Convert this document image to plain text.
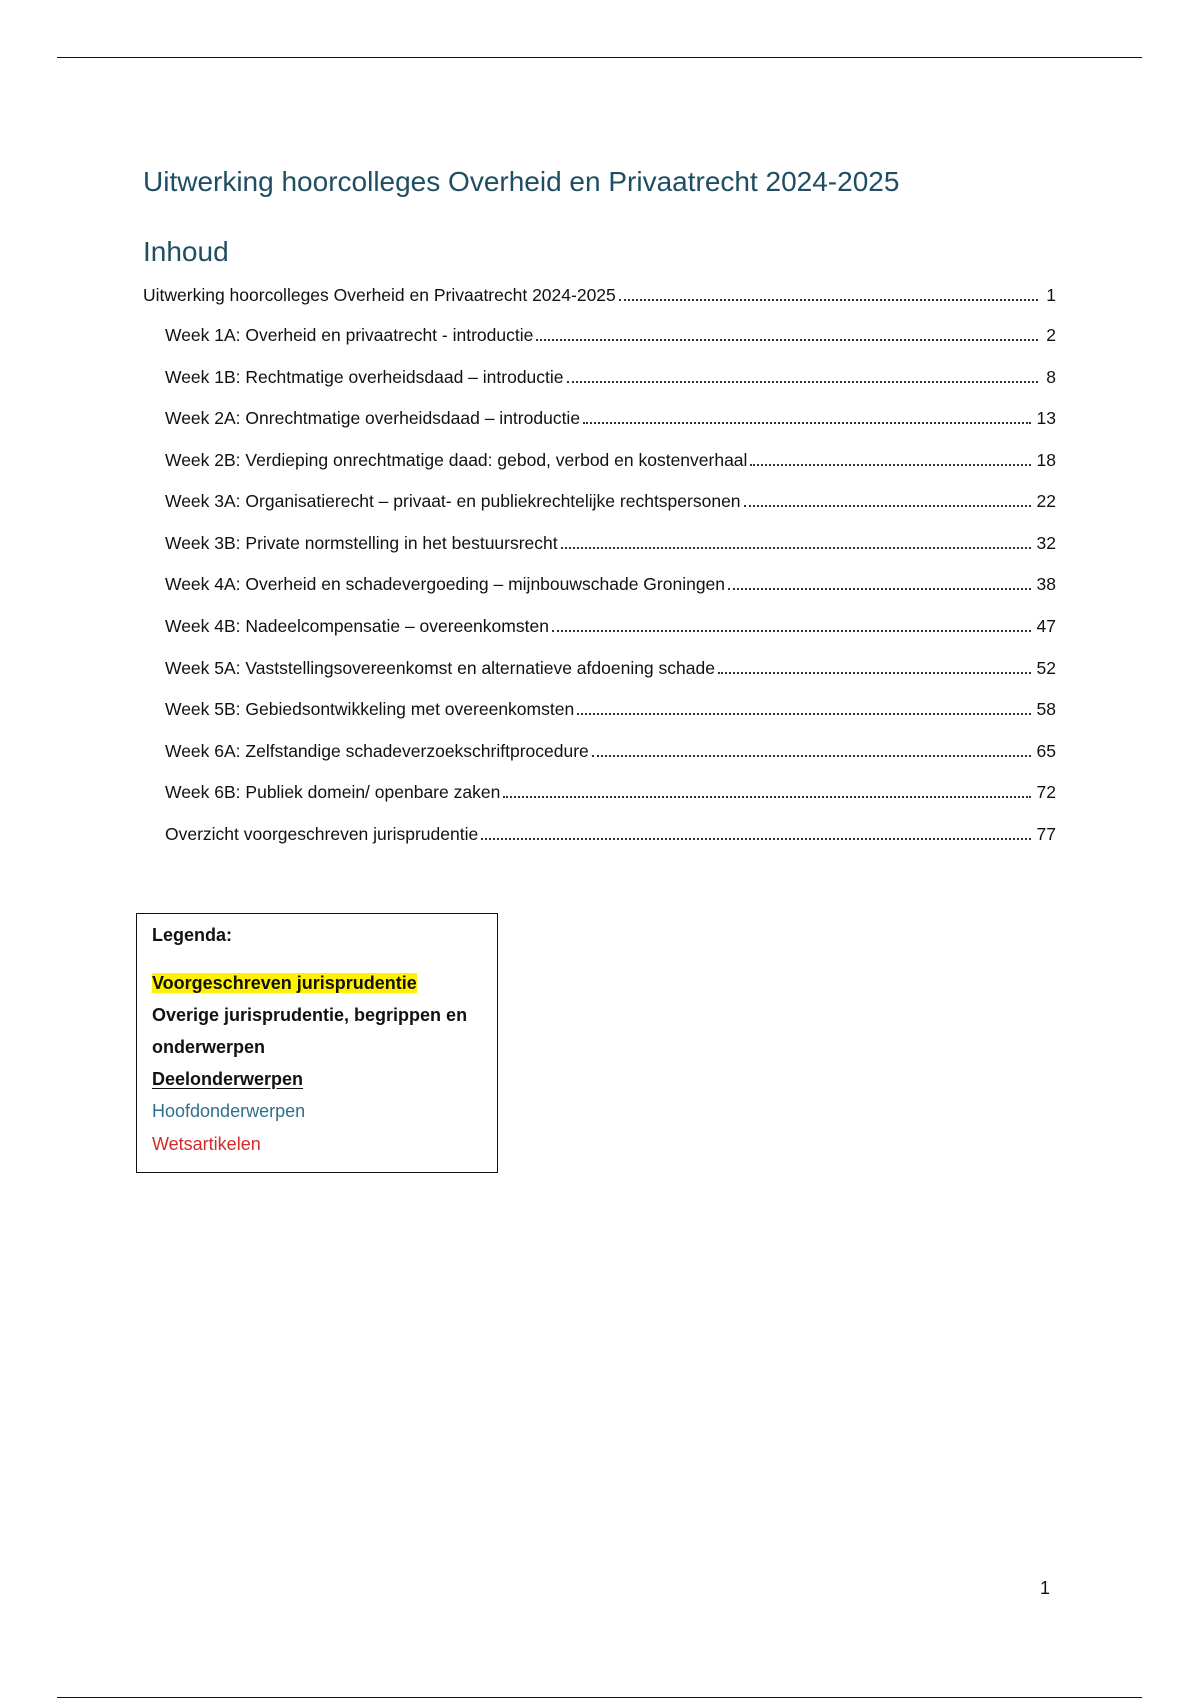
Uitwerking hoorcolleges Overheid en Privaatrecht 2024-2025
Inhoud
Uitwerking hoorcolleges Overheid en Privaatrecht 2024-2025	1
Week 1A: Overheid en privaatrecht - introductie	2
Week 1B: Rechtmatige overheidsdaad – introductie	8
Week 2A: Onrechtmatige overheidsdaad – introductie	13
Week 2B: Verdieping onrechtmatige daad: gebod, verbod en kostenverhaal	18
Week 3A: Organisatierecht – privaat- en publiekrechtelijke rechtspersonen	22
Week 3B: Private normstelling in het bestuursrecht	32
Week 4A: Overheid en schadevergoeding – mijnbouwschade Groningen	38
Week 4B: Nadeelcompensatie – overeenkomsten	47
Week 5A: Vaststellingsovereenkomst en alternatieve afdoening schade	52
Week 5B: Gebiedsontwikkeling met overeenkomsten	58
Week 6A: Zelfstandige schadeverzoekschriftprocedure	65
Week 6B: Publiek domein/ openbare zaken	72
Overzicht voorgeschreven jurisprudentie	77

Legenda:

Voorgeschreven jurisprudentie
Overige jurisprudentie, begrippen en onderwerpen
Deelonderwerpen
Hoofdonderwerpen
Wetsartikelen
1
